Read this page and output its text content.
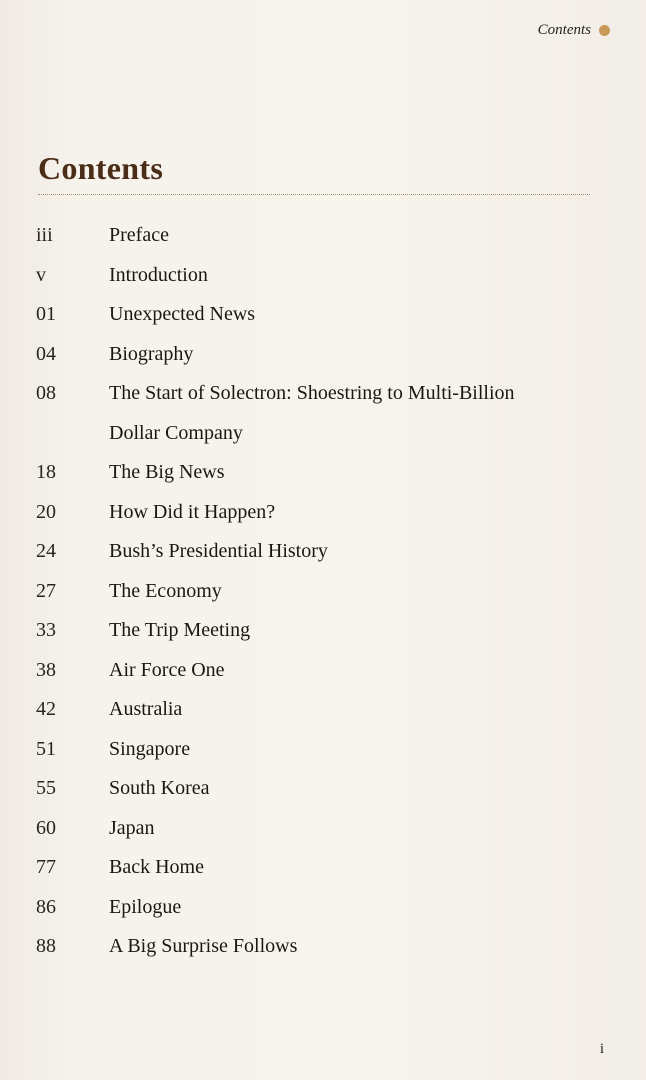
Contents
Contents
iii	Preface
v	Introduction
01	Unexpected News
04	Biography
08	The Start of Solectron: Shoestring to Multi-Billion
Dollar Company
18	The Big News
20	How Did it Happen?
24	Bush’s Presidential History
27	The Economy
33	The Trip Meeting
38	Air Force One
42	Australia
51	Singapore
55	South Korea
60	Japan
77	Back Home
86	Epilogue
88	A Big Surprise Follows
i
